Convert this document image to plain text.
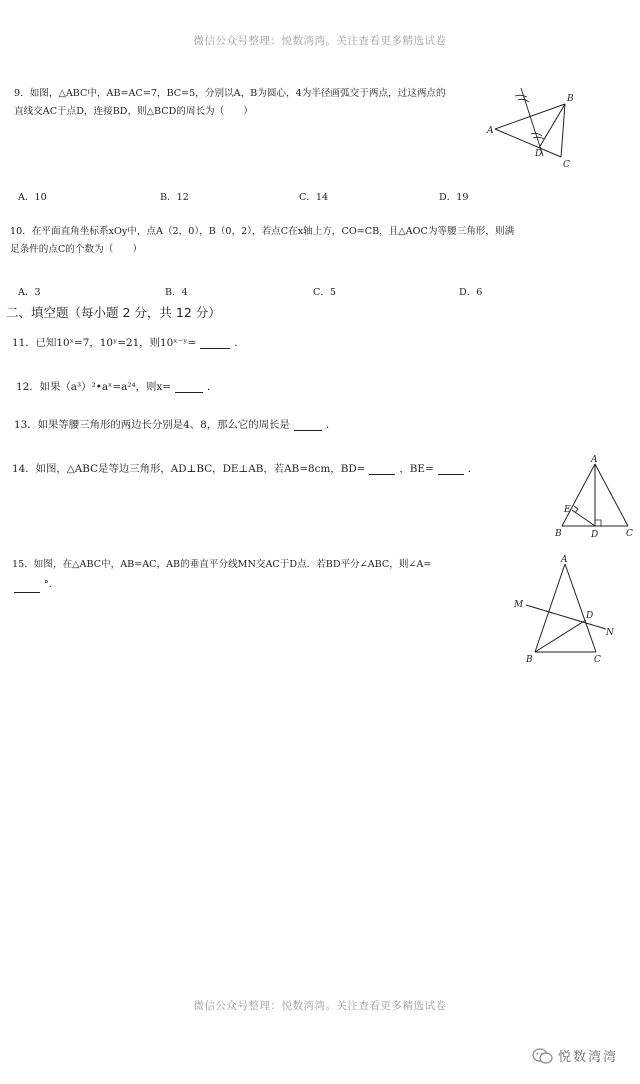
微信公众号整理：悦数湾湾。关注查看更多精选试卷
9．如图，△ABC中，AB=AC=7，BC=5，分别以A，B为圆心，4为半径画弧交于两点，过这两点的
直线交AC于点D，连接BD，则△BCD的周长为（　　）
A
B
C
D
A．10	B．12	C．14	D．19
10．在平面直角坐标系xOy中，点A（2，0），B（0，2），若点C在x轴上方，CO=CB，且△AOC为等腰三角形，则满
足条件的点C的个数为（　　）
A．3	B．4	C．5	D．6
二、填空题（每小题 2 分，共 12 分）
11．已知10ˣ=7，10ʸ=21，则10ˣ⁻ʸ=	．
12．如果（a³）²•aˣ=a²⁴，则x=	．
13．如果等腰三角形的两边长分别是4、8，那么它的周长是	．
14．如图，△ABC是等边三角形，AD⊥BC，DE⊥AB，若AB=8cm，BD=	，BE=	．
A
E
B	D	C
15．如图，在△ABC中，AB=AC，AB的垂直平分线MN交AC于D点．若BD平分∠ABC，则∠A=
°.
A
M
D
N
B	C
微信公众号整理：悦数湾湾。关注查看更多精选试卷
悦数湾湾
